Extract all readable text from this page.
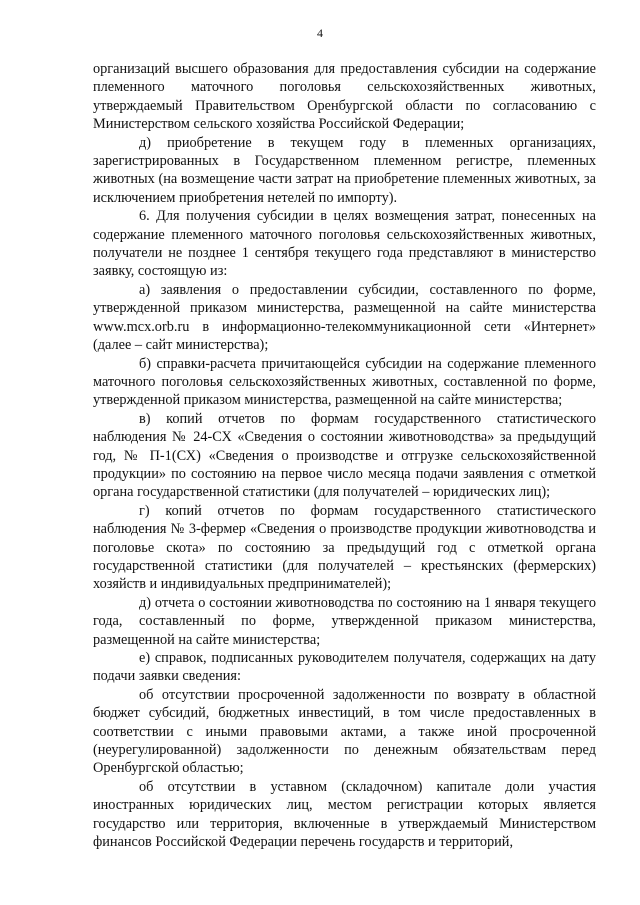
4

организаций высшего образования для предоставления субсидии на содержание племенного маточного поголовья сельскохозяйственных животных, утверждаемый Правительством Оренбургской области по согласованию с Министерством сельского хозяйства Российской Федерации;

д) приобретение в текущем году в племенных организациях, зарегистрированных в Государственном племенном регистре, племенных животных (на возмещение части затрат на приобретение племенных животных, за исключением приобретения нетелей по импорту).

6. Для получения субсидии в целях возмещения затрат, понесенных на содержание племенного маточного поголовья сельскохозяйственных животных, получатели не позднее 1 сентября текущего года представляют в министерство заявку, состоящую из:

а) заявления о предоставлении субсидии, составленного по форме, утвержденной приказом министерства, размещенной на сайте министерства www.mcx.orb.ru в информационно-телекоммуникационной сети «Интернет» (далее – сайт министерства);

б) справки-расчета причитающейся субсидии на содержание племенного маточного поголовья сельскохозяйственных животных, составленной по форме, утвержденной приказом министерства, размещенной на сайте министерства;

в) копий отчетов по формам государственного статистического наблюдения № 24-СХ «Сведения о состоянии животноводства» за предыдущий год, № П-1(СХ) «Сведения о производстве и отгрузке сельскохозяйственной продукции» по состоянию на первое число месяца подачи заявления с отметкой органа государственной статистики (для получателей – юридических лиц);

г) копий отчетов по формам государственного статистического наблюдения № 3-фермер «Сведения о производстве продукции животноводства и поголовье скота» по состоянию за предыдущий год с отметкой органа государственной статистики (для получателей – крестьянских (фермерских) хозяйств и индивидуальных предпринимателей);

д) отчета о состоянии животноводства по состоянию на 1 января текущего года, составленный по форме, утвержденной приказом министерства, размещенной на сайте министерства;

е) справок, подписанных руководителем получателя, содержащих на дату подачи заявки сведения:

об отсутствии просроченной задолженности по возврату в областной бюджет субсидий, бюджетных инвестиций, в том числе предоставленных в соответствии с иными правовыми актами, а также иной просроченной (неурегулированной) задолженности по денежным обязательствам перед Оренбургской областью;

об отсутствии в уставном (складочном) капитале доли участия иностранных юридических лиц, местом регистрации которых является государство или территория, включенные в утверждаемый Министерством финансов Российской Федерации перечень государств и территорий,
